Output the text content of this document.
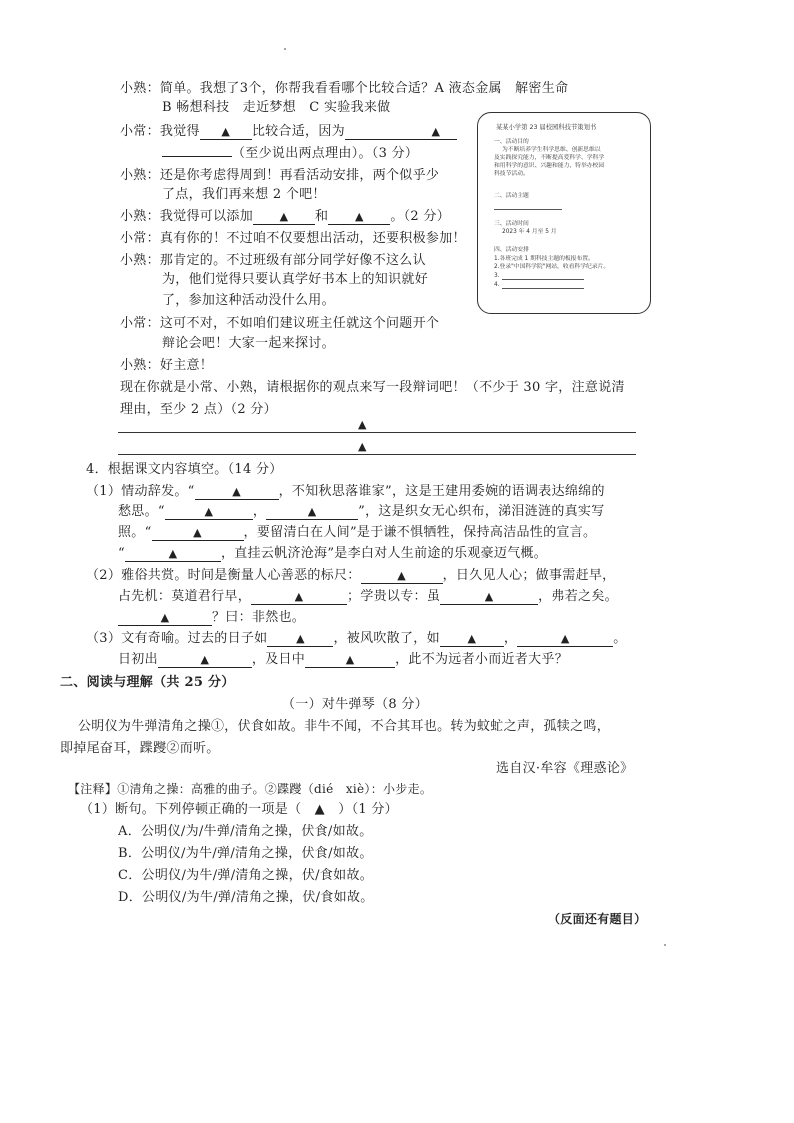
小熟：简单。我想了3个，你帮我看看哪个比较合适？A 液态金属　解密生命
B 畅想科技　走近梦想　C 实验我来做
小常：我觉得 ▲ 比较合适，因为	▲
（至少说出两点理由）。（3 分）
小熟：还是你考虑得周到！再看活动安排，两个似乎少
了点，我们再来想 2 个吧！
小熟：我觉得可以添加 ▲ 和 ▲ 。（2 分）
小常：真有你的！不过咱不仅要想出活动，还要积极参加！
小熟：那肯定的。不过班级有部分同学好像不这么认
为，他们觉得只要认真学好书本上的知识就好
了，参加这种活动没什么用。
小常：这可不对，不如咱们建议班主任就这个问题开个
辩论会吧！大家一起来探讨。
小熟：好主意！
现在你就是小常、小熟，请根据你的观点来写一段辩词吧！（不少于 30 字，注意说清
理由，至少 2 点）（2 分）
▲
▲
某某小学第 23 届校园科技节策划书
一、活动目的
为不断培养学生科学思维、创新思维以
及实践探究能力，不断提高爱科学、学科学
和用科学的意识、兴趣和能力，特举办校园
科技节活动。
二、活动主题
三、活动时间
2023 年 4 月至 5 月
四、活动安排
1.各班完成 1 期科技主题的板报布置。
2.登录"中国科学院"网站，收看科学纪录片。
3.
4.
4．根据课文内容填空。（14 分）
（1）情动辞发。“	▲	，不知秋思落谁家”，这是王建用委婉的语调表达绵绵的
愁思。“	▲	，	▲	”，这是织女无心织布，涕泪涟涟的真实写
照。“	▲	，要留清白在人间”是于谦不惧牺牲，保持高洁品性的宣言。
“	▲	，直挂云帆济沧海”是李白对人生前途的乐观豪迈气概。
（2）雅俗共赏。时间是衡量人心善恶的标尺：	▲	，日久见人心；做事需赶早，
占先机：莫道君行早，	▲	；学贵以专：虽	▲	，弗若之矣。
▲	？曰：非然也。
（3）文有奇喻。过去的日子如	▲ ，被风吹散了，如	▲ ，	▲	。
日初出	▲	，及日中	▲	，此不为远者小而近者大乎？
二、阅读与理解（共 25 分）
（一）对牛弹琴（8 分）
公明仪为牛弹清角之操①，伏食如故。非牛不闻，不合其耳也。转为蚊虻之声，孤犊之鸣，
即掉尾奋耳，蹀躞②而听。
选自汉·牟容《理惑论》
【注释】①清角之操：高雅的曲子。②蹀躞（dié　xiè）：小步走。
（1）断句。下列停顿正确的一项是（　▲　）（1 分）
A．公明仪/为/牛弹/清角之操，伏食/如故。
B．公明仪/为牛/弹/清角之操，伏食/如故。
C．公明仪/为牛/弹/清角之操，伏/食如故。
D．公明仪/为牛/弹/清角之操，伏/食如故。
（反面还有题目）
